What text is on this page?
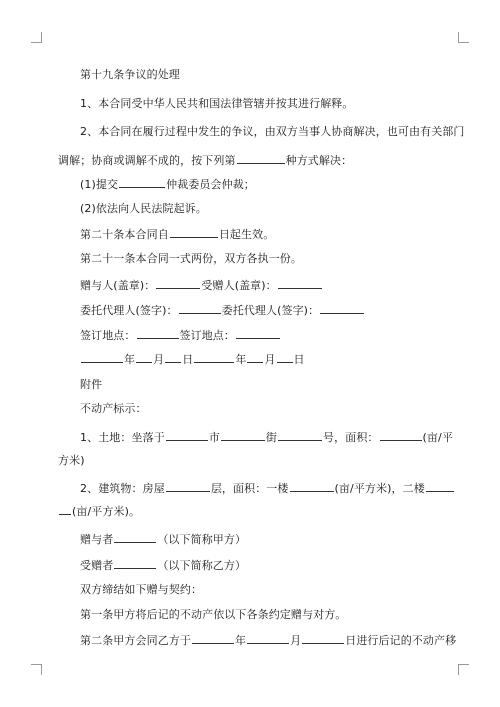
第十九条争议的处理
1、本合同受中华人民共和国法律管辖并按其进行解释。
2、本合同在履行过程中发生的争议，由双方当事人协商解决，也可由有关部门
调解；协商或调解不成的，按下列第	种方式解决：
(1)提交	仲裁委员会仲裁；
(2)依法向人民法院起诉。
第二十条本合同自	日起生效。
第二十一条本合同一式两份，双方各执一份。
赠与人(盖章)：	受赠人(盖章)：
委托代理人(签字)：	委托代理人(签字)：
签订地点：	签订地点：
年 月 日	年 月 日
附件
不动产标示：
1、土地：坐落于	市	街	号，面积：	(亩/平
方米)
2、建筑物：房屋	层，面积：一楼	(亩/平方米)，二楼
(亩/平方米)。
赠与者	（以下简称甲方）
受赠者	（以下简称乙方）
双方缔结如下赠与契约：
第一条甲方将后记的不动产依以下各条约定赠与对方。
第二条甲方会同乙方于	年	月	日进行后记的不动产移
